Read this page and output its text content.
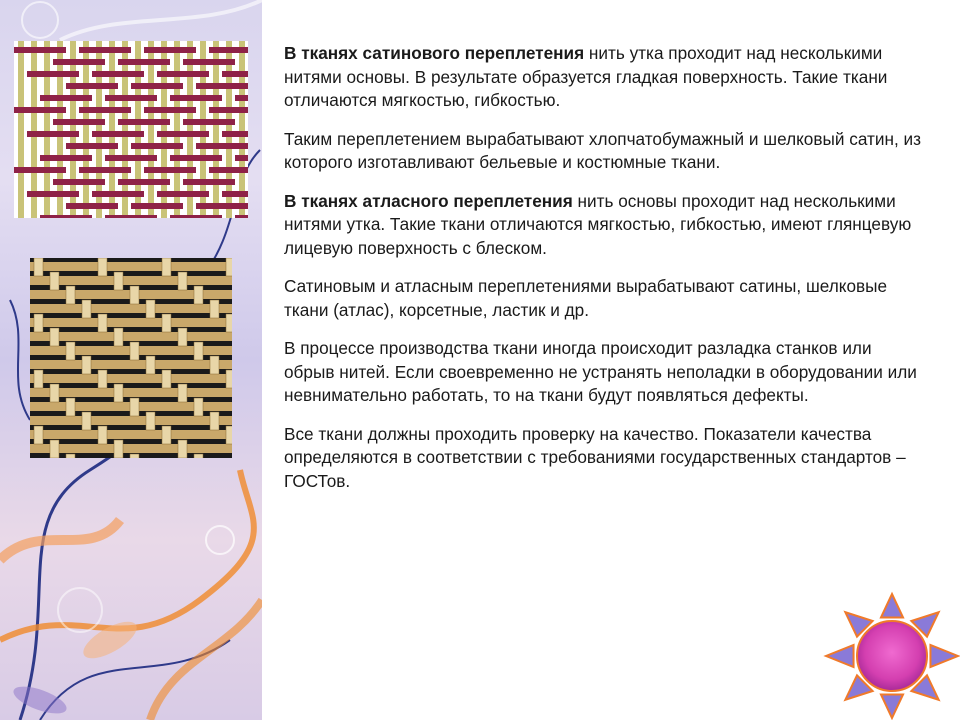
В тканях сатинового переплетения нить утка проходит над несколькими нитями основы. В результате образуется гладкая поверхность. Такие ткани отличаются мягкостью, гибкостью.

Таким переплетением вырабатывают хлопчатобумажный и шелковый сатин, из которого изготавливают бельевые и костюмные ткани.

В тканях атласного переплетения нить основы проходит над несколькими нитями утка. Такие ткани отличаются мягкостью, гибкостью, имеют глянцевую лицевую поверхность с блеском.

Сатиновым и атласным переплетениями вырабатывают сатины, шелковые ткани (атлас), корсетные, ластик и др.

В процессе производства ткани иногда происходит разладка станков или обрыв нитей. Если своевременно не устранять неполадки в оборудовании или невнимательно работать, то на ткани будут появляться дефекты.

Все ткани должны проходить проверку на качество. Показатели качества определяются в соответствии с требованиями государственных стандартов – ГОСТов.
